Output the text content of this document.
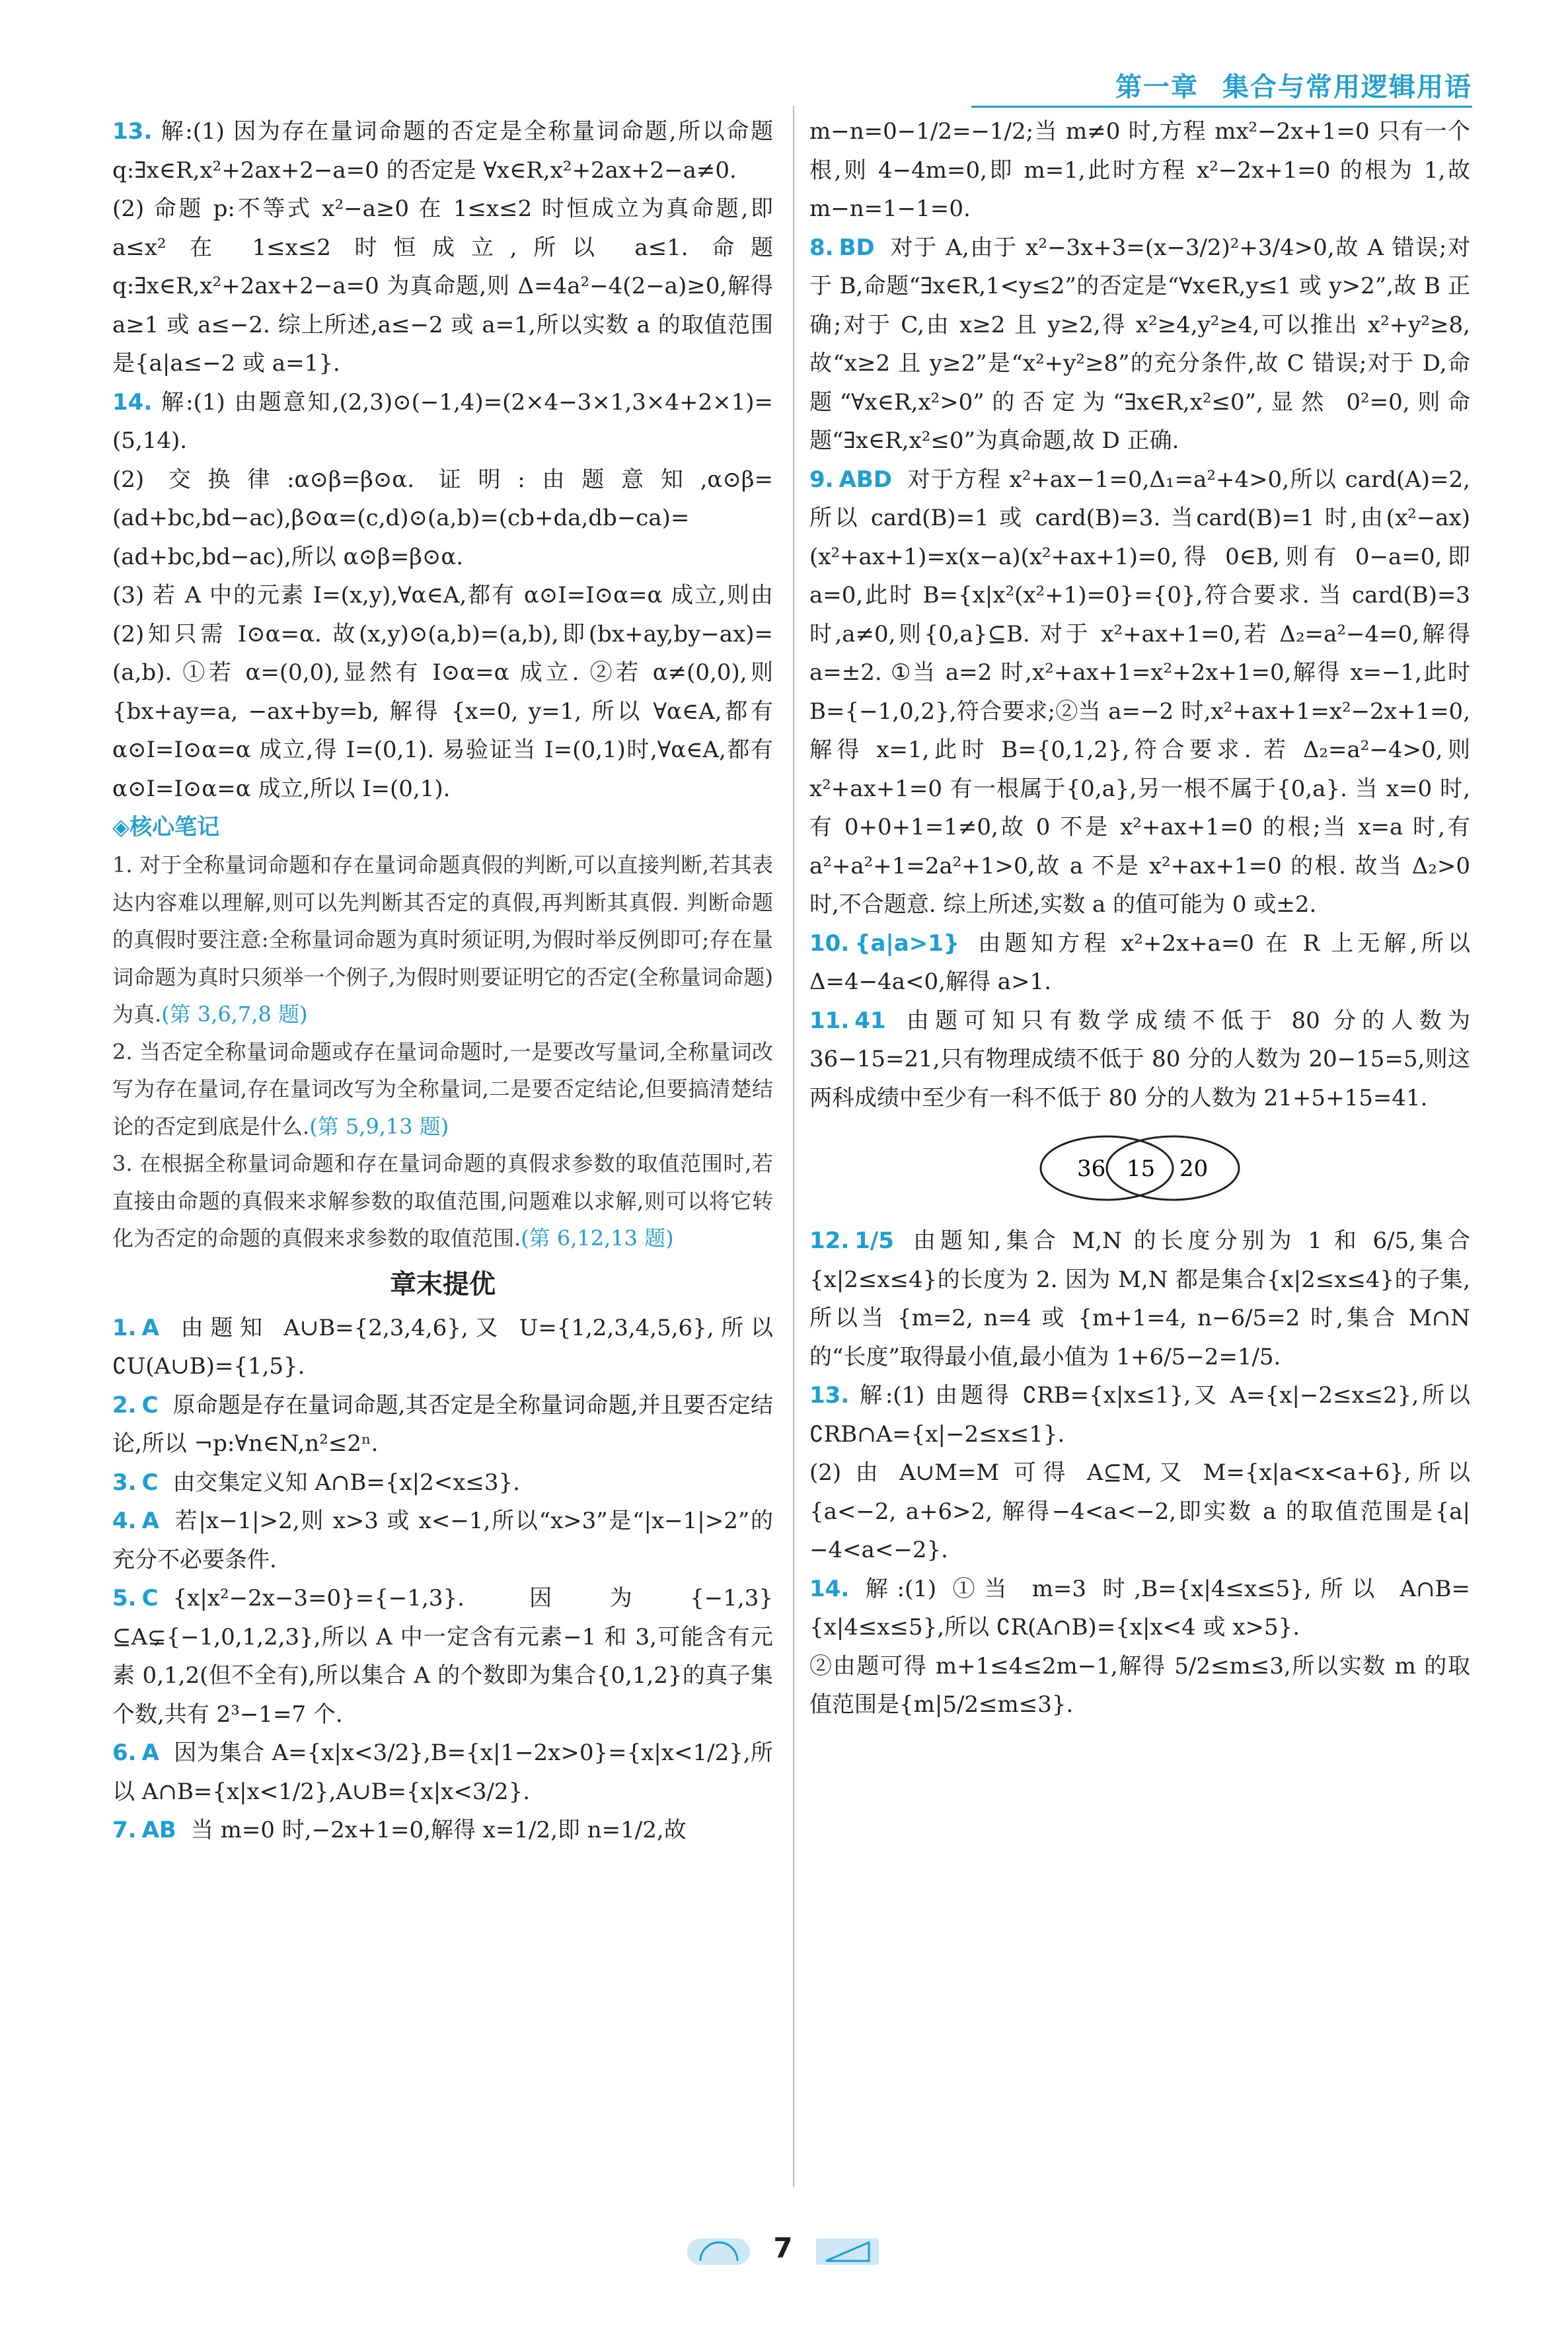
第一章 集合与常用逻辑用语

13. 解:(1) 因为存在量词命题的否定是全称量词命题,所以命题 q:∃x∈R,x²+2ax+2−a=0 的否定是 ∀x∈R,x²+2ax+2−a≠0.

(2) 命题 p:不等式 x²−a≥0 在 1≤x≤2 时恒成立为真命题,即 a≤x² 在 1≤x≤2 时恒成立,所以 a≤1. 命题 q:∃x∈R,x²+2ax+2−a=0 为真命题,则 Δ=4a²−4(2−a)≥0,解得 a≥1 或 a≤−2. 综上所述,a≤−2 或 a=1,所以实数 a 的取值范围是{a|a≤−2 或 a=1}.

14. 解:(1) 由题意知,(2,3)⊙(−1,4)=(2×4−3×1,3×4+2×1)=(5,14).

(2) 交换律:α⊙β=β⊙α. 证明:由题意知,α⊙β=(ad+bc,bd−ac),β⊙α=(c,d)⊙(a,b)=(cb+da,db−ca)=(ad+bc,bd−ac),所以 α⊙β=β⊙α.

(3) 若 A 中的元素 I=(x,y),∀α∈A,都有 α⊙I=I⊙α=α 成立,则由(2)知只需 I⊙α=α. 故(x,y)⊙(a,b)=(a,b),即(bx+ay,by−ax)=(a,b). ①若 α=(0,0),显然有 I⊙α=α 成立. ②若 α≠(0,0),则 {bx+ay=a, −ax+by=b, 解得 {x=0, y=1, 所以 ∀α∈A,都有 α⊙I=I⊙α=α 成立,得 I=(0,1). 易验证当 I=(0,1)时,∀α∈A,都有 α⊙I=I⊙α=α 成立,所以 I=(0,1).

◈核心笔记

1. 对于全称量词命题和存在量词命题真假的判断,可以直接判断,若其表达内容难以理解,则可以先判断其否定的真假,再判断其真假. 判断命题的真假时要注意:全称量词命题为真时须证明,为假时举反例即可;存在量词命题为真时只须举一个例子,为假时则要证明它的否定(全称量词命题)为真.(第 3,6,7,8 题)

2. 当否定全称量词命题或存在量词命题时,一是要改写量词,全称量词改写为存在量词,存在量词改写为全称量词,二是要否定结论,但要搞清楚结论的否定到底是什么.(第 5,9,13 题)

3. 在根据全称量词命题和存在量词命题的真假求参数的取值范围时,若直接由命题的真假来求解参数的取值范围,问题难以求解,则可以将它转化为否定的命题的真假来求参数的取值范围.(第 6,12,13 题)

章末提优

1. A 由题知 A∪B={2,3,4,6},又 U={1,2,3,4,5,6},所以 ∁U(A∪B)={1,5}.

2. C 原命题是存在量词命题,其否定是全称量词命题,并且要否定结论,所以 ¬p:∀n∈N,n²≤2ⁿ.

3. C 由交集定义知 A∩B={x|2<x≤3}.

4. A 若|x−1|>2,则 x>3 或 x<−1,所以“x>3”是“|x−1|>2”的充分不必要条件.

5. C {x|x²−2x−3=0}={−1,3}. 因为{−1,3}⊆A⊊{−1,0,1,2,3},所以 A 中一定含有元素−1 和 3,可能含有元素 0,1,2(但不全有),所以集合 A 的个数即为集合{0,1,2}的真子集个数,共有 2³−1=7 个.

6. A 因为集合 A={x|x<3/2},B={x|1−2x>0}={x|x<1/2},所以 A∩B={x|x<1/2},A∪B={x|x<3/2}.

7. AB 当 m=0 时,−2x+1=0,解得 x=1/2,即 n=1/2,故

m−n=0−1/2=−1/2;当 m≠0 时,方程 mx²−2x+1=0 只有一个根,则 4−4m=0,即 m=1,此时方程 x²−2x+1=0 的根为 1,故 m−n=1−1=0.

8. BD 对于 A,由于 x²−3x+3=(x−3/2)²+3/4>0,故 A 错误;对于 B,命题“∃x∈R,1<y≤2”的否定是“∀x∈R,y≤1 或 y>2”,故 B 正确;对于 C,由 x≥2 且 y≥2,得 x²≥4,y²≥4,可以推出 x²+y²≥8,故“x≥2 且 y≥2”是“x²+y²≥8”的充分条件,故 C 错误;对于 D,命题“∀x∈R,x²>0”的否定为“∃x∈R,x²≤0”,显然 0²=0,则命题“∃x∈R,x²≤0”为真命题,故 D 正确.

9. ABD 对于方程 x²+ax−1=0,Δ₁=a²+4>0,所以 card(A)=2,所以 card(B)=1 或 card(B)=3. 当card(B)=1 时,由(x²−ax)(x²+ax+1)=x(x−a)(x²+ax+1)=0,得 0∈B,则有 0−a=0,即 a=0,此时 B={x|x²(x²+1)=0}={0},符合要求. 当 card(B)=3 时,a≠0,则{0,a}⊆B. 对于 x²+ax+1=0,若 Δ₂=a²−4=0,解得 a=±2. ①当 a=2 时,x²+ax+1=x²+2x+1=0,解得 x=−1,此时 B={−1,0,2},符合要求;②当 a=−2 时,x²+ax+1=x²−2x+1=0,解得 x=1,此时 B={0,1,2},符合要求. 若 Δ₂=a²−4>0,则 x²+ax+1=0 有一根属于{0,a},另一根不属于{0,a}. 当 x=0 时,有 0+0+1=1≠0,故 0 不是 x²+ax+1=0 的根;当 x=a 时,有 a²+a²+1=2a²+1>0,故 a 不是 x²+ax+1=0 的根. 故当 Δ₂>0 时,不合题意. 综上所述,实数 a 的值可能为 0 或±2.

10. {a|a>1} 由题知方程 x²+2x+a=0 在 R 上无解,所以 Δ=4−4a<0,解得 a>1.

11. 41 由题可知只有数学成绩不低于 80 分的人数为 36−15=21,只有物理成绩不低于 80 分的人数为 20−15=5,则这两科成绩中至少有一科不低于 80 分的人数为 21+5+15=41.

36 15 20

12. 1/5 由题知,集合 M,N 的长度分别为 1 和 6/5,集合{x|2≤x≤4}的长度为 2. 因为 M,N 都是集合{x|2≤x≤4}的子集,所以当 {m=2, n=4 或 {m+1=4, n−6/5=2 时,集合 M∩N 的“长度”取得最小值,最小值为 1+6/5−2=1/5.

13. 解:(1) 由题得 ∁RB={x|x≤1},又 A={x|−2≤x≤2},所以 ∁RB∩A={x|−2≤x≤1}.

(2) 由 A∪M=M 可得 A⊆M,又 M={x|a<x<a+6},所以 {a<−2, a+6>2, 解得−4<a<−2,即实数 a 的取值范围是{a|−4<a<−2}.

14. 解:(1) ①当 m=3 时,B={x|4≤x≤5},所以 A∩B={x|4≤x≤5},所以 ∁R(A∩B)={x|x<4 或 x>5}.

②由题可得 m+1≤4≤2m−1,解得 5/2≤m≤3,所以实数 m 的取值范围是{m|5/2≤m≤3}.

7
